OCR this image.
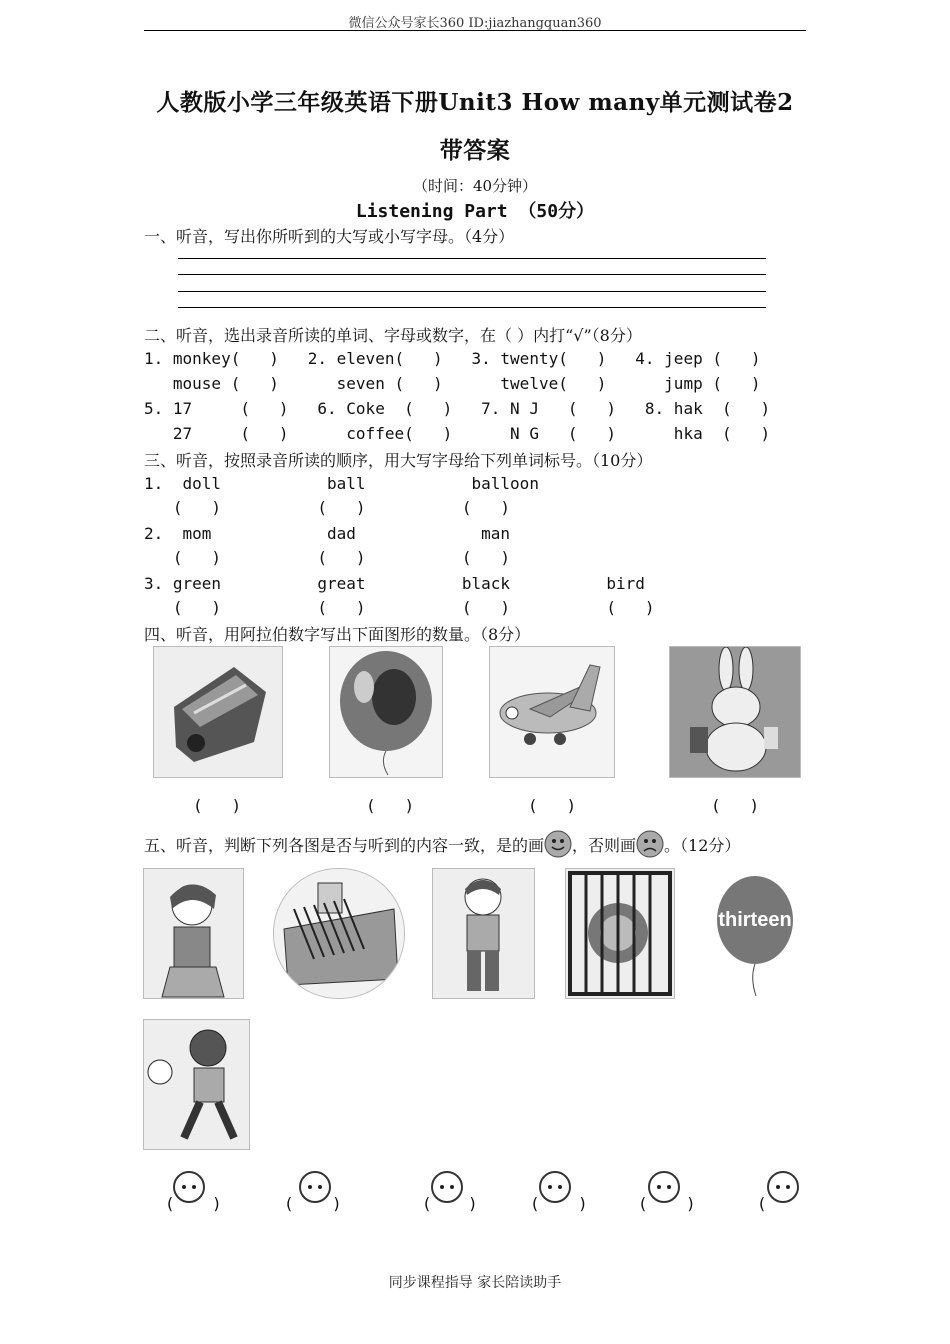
微信公众号家长360 ID:jiazhangquan360
人教版小学三年级英语下册Unit3 How many单元测试卷2
带答案
（时间：40分钟）
Listening Part （50分）
一、听音，写出你所听到的大写或小写字母。（4分）
二、听音，选出录音所读的单词、字母或数字，在（ ）内打“√”（8分）
1. monkey(   )   2. eleven(   )   3. twenty(   )   4. jeep (   )
mouse (   )      seven (   )      twelve(   )      jump (   )
5. 17     (   )   6. Coke  (   )   7. N J   (   )   8. hak  (   )
27     (   )      coffee(   )      N G   (   )      hka  (   )
三、听音，按照录音所读的顺序，用大写字母给下列单词标号。（10分）
1.  doll           ball           balloon
(   )          (   )          (   )
2.  mom            dad             man
(   )          (   )          (   )
3. green          great          black          bird
(   )          (   )          (   )          (   )
四、听音，用阿拉伯数字写出下面图形的数量。（8分）
(   )	(   )	(   )	(   )
五、听音，判断下列各图是否与听到的内容一致，是的画 ，否则画 。（12分）
thirteen
( )	( )	( )	( )	( )	(
同步课程指导 家长陪读助手
